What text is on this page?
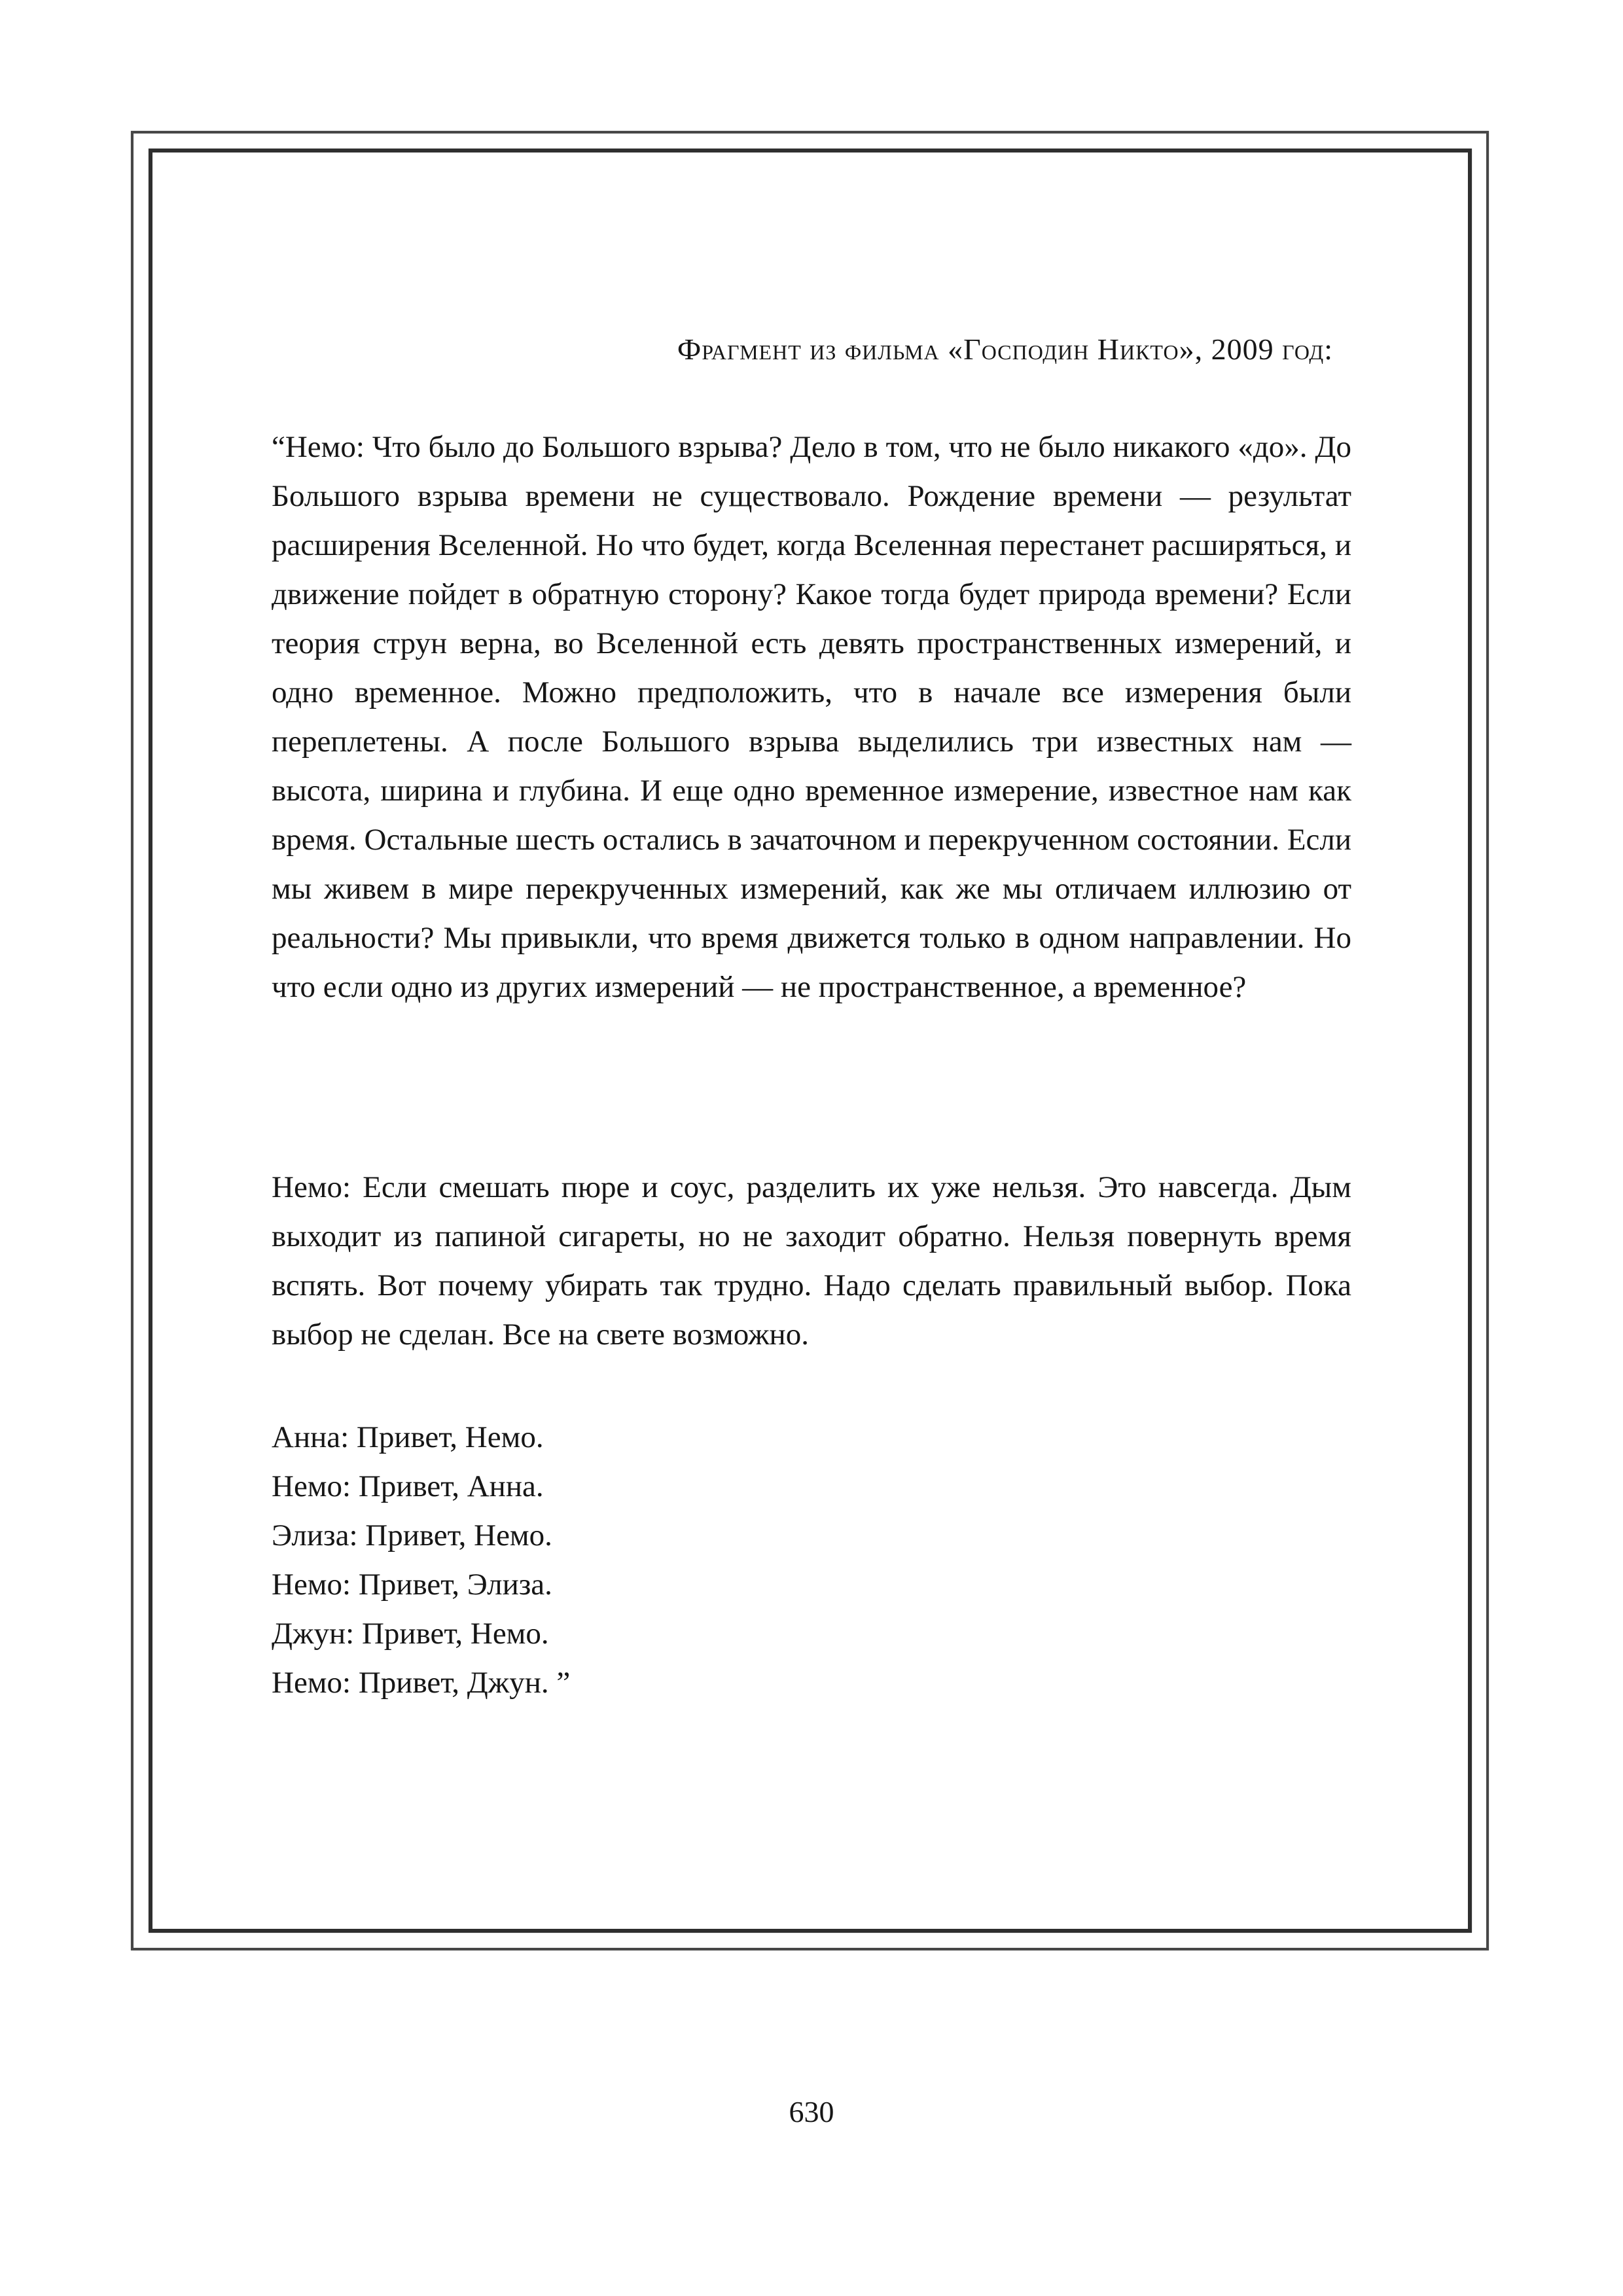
Фрагмент из фильма «Господин Никто», 2009 год:

“Немо: Что было до Большого взрыва? Дело в том, что не было никакого «до». До Большого взрыва времени не существовало. Рождение времени — результат расширения Вселенной. Но что будет, когда Вселенная перестанет расширяться, и движение пойдет в обратную сторону? Какое тогда будет природа времени? Если теория струн верна, во Вселенной есть девять пространственных измерений, и одно временное. Можно предположить, что в начале все измерения были переплетены. А после Большого взрыва выделились три известных нам — высота, ширина и глубина. И еще одно временное измерение, известное нам как время. Остальные шесть остались в зачаточном и перекрученном состоянии. Если мы живем в мире перекрученных измерений, как же мы отличаем иллюзию от реальности? Мы привыкли, что время движется только в одном направлении. Но что если одно из других измерений — не пространственное, а временное?

Немо: Если смешать пюре и соус, разделить их уже нельзя. Это навсегда. Дым выходит из папиной сигареты, но не заходит обратно. Нельзя повернуть время вспять. Вот почему убирать так трудно. Надо сделать правильный выбор. Пока выбор не сделан. Все на свете возможно.

Анна: Привет, Немо.
Немо: Привет, Анна.
Элиза: Привет, Немо.
Немо: Привет, Элиза.
Джун: Привет, Немо.
Немо: Привет, Джун. ”
630
